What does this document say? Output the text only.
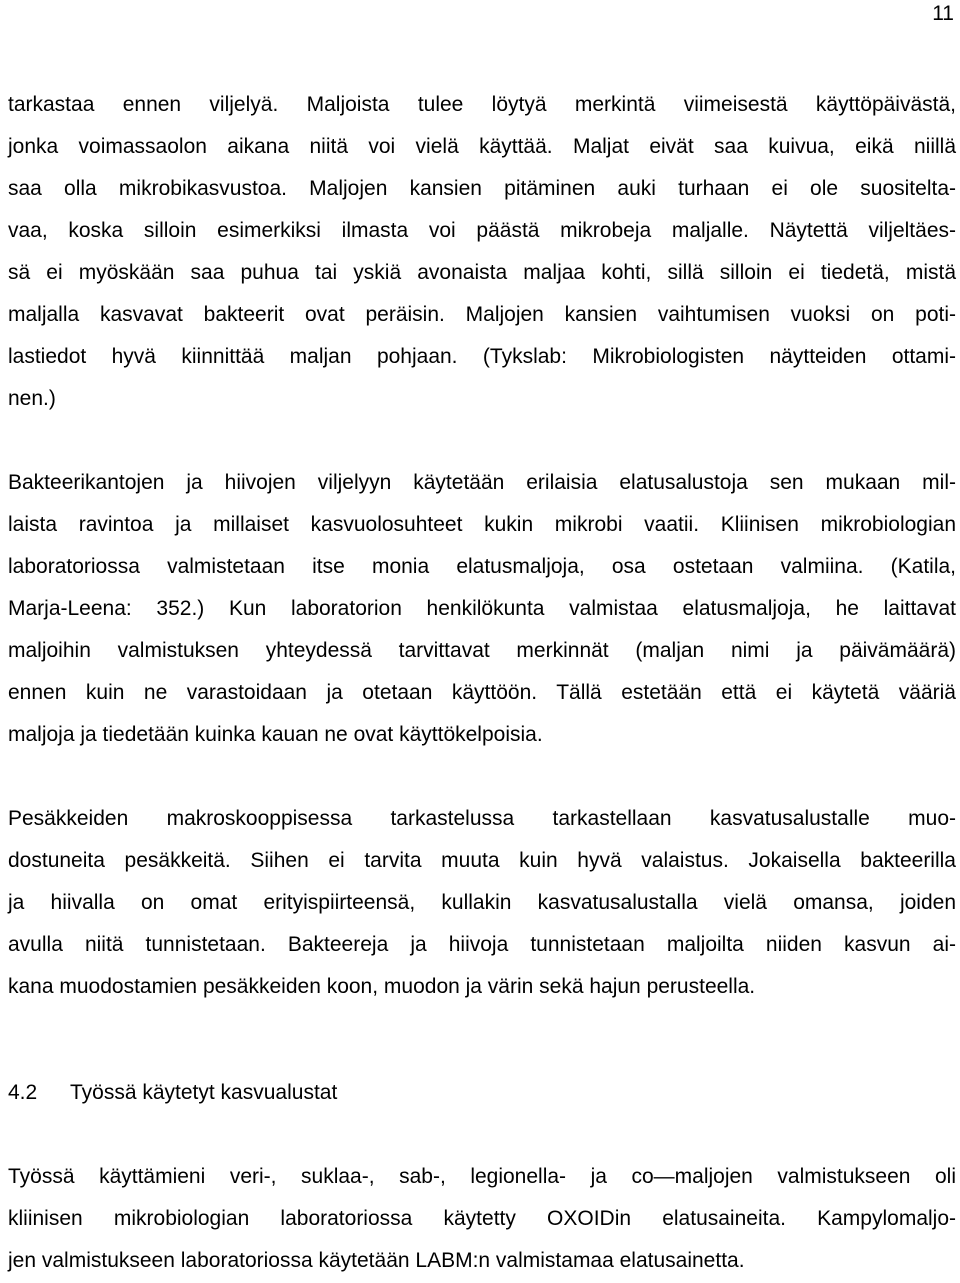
11
tarkastaa ennen viljelyä. Maljoista tulee löytyä merkintä viimeisestä käyttöpäivästä,
jonka voimassaolon aikana niitä voi vielä käyttää. Maljat eivät saa kuivua, eikä niillä
saa olla mikrobikasvustoa. Maljojen kansien pitäminen auki turhaan ei ole suositelta-
vaa, koska silloin esimerkiksi ilmasta voi päästä mikrobeja maljalle. Näytettä viljeltäes-
sä ei myöskään saa puhua tai yskiä avonaista maljaa kohti, sillä silloin ei tiedetä, mistä
maljalla kasvavat bakteerit ovat peräisin. Maljojen kansien vaihtumisen vuoksi on poti-
lastiedot hyvä kiinnittää maljan pohjaan. (Tykslab: Mikrobiologisten näytteiden ottami-
nen.)
Bakteerikantojen ja hiivojen viljelyyn käytetään erilaisia elatusalustoja sen mukaan mil-
laista ravintoa ja millaiset kasvuolosuhteet kukin mikrobi vaatii. Kliinisen mikrobiologian
laboratoriossa valmistetaan itse monia elatusmaljoja, osa ostetaan valmiina. (Katila,
Marja-Leena: 352.) Kun laboratorion henkilökunta valmistaa elatusmaljoja, he laittavat
maljoihin valmistuksen yhteydessä tarvittavat merkinnät (maljan nimi ja päivämäärä)
ennen kuin ne varastoidaan ja otetaan käyttöön. Tällä estetään että ei käytetä vääriä
maljoja ja tiedetään kuinka kauan ne ovat käyttökelpoisia.
Pesäkkeiden makroskooppisessa tarkastelussa tarkastellaan kasvatusalustalle muo-
dostuneita pesäkkeitä. Siihen ei tarvita muuta kuin hyvä valaistus. Jokaisella bakteerilla
ja hiivalla on omat erityispiirteensä, kullakin kasvatusalustalla vielä omansa, joiden
avulla niitä tunnistetaan. Bakteereja ja hiivoja tunnistetaan maljoilta niiden kasvun ai-
kana muodostamien pesäkkeiden koon, muodon ja värin sekä hajun perusteella.
4.2 Työssä käytetyt kasvualustat
Työssä käyttämieni veri-, suklaa-, sab-, legionella- ja co—maljojen valmistukseen oli
kliinisen mikrobiologian laboratoriossa käytetty OXOIDin elatusaineita. Kampylomaljo-
jen valmistukseen laboratoriossa käytetään LABM:n valmistamaa elatusainetta.
